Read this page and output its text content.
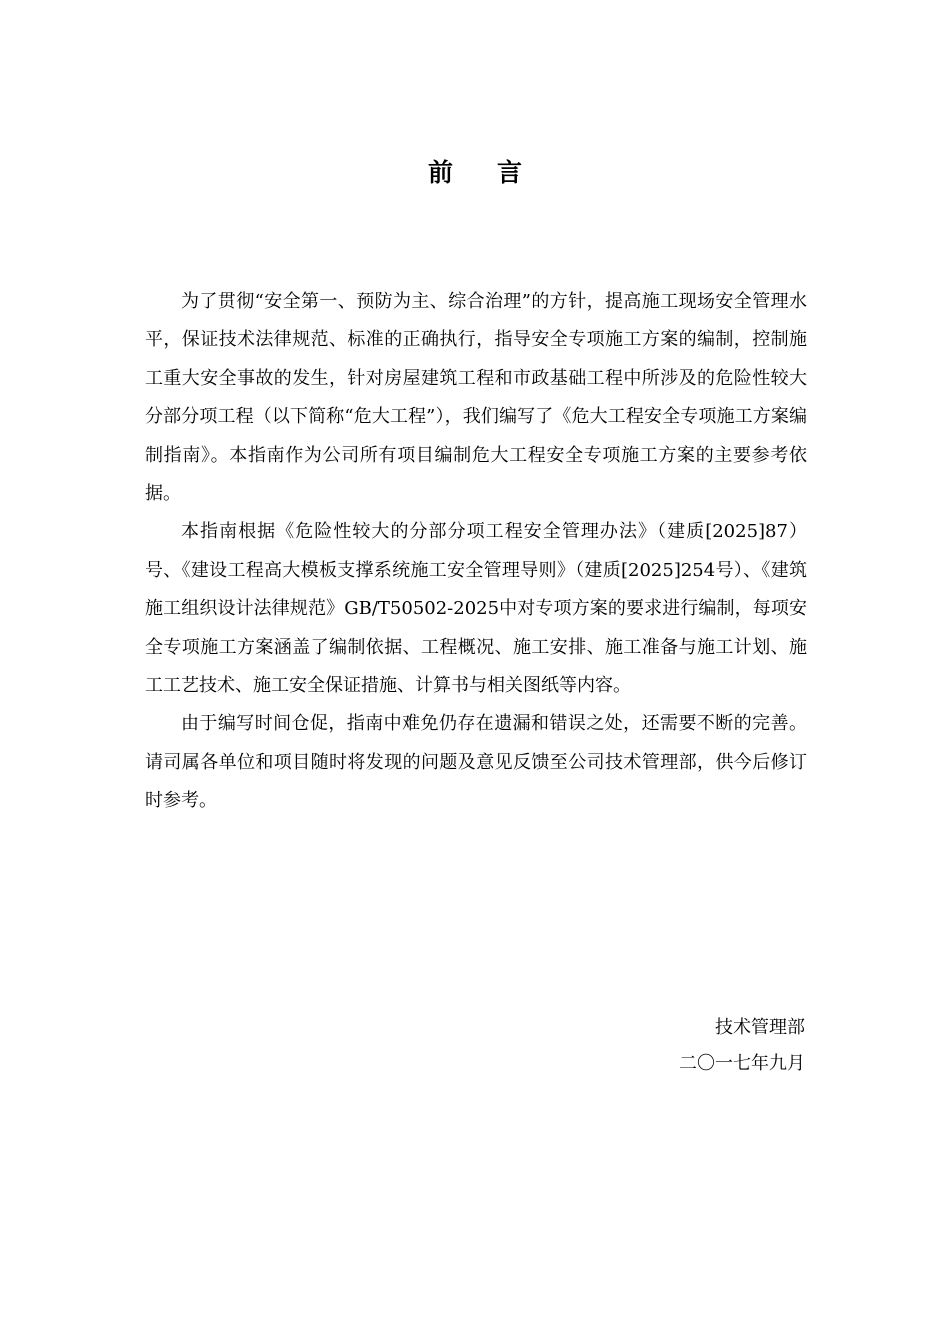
前言

为了贯彻“安全第一、预防为主、综合治理”的方针，提高施工现场安全管理水平，保证技术法律规范、标准的正确执行，指导安全专项施工方案的编制，控制施工重大安全事故的发生，针对房屋建筑工程和市政基础工程中所涉及的危险性较大分部分项工程（以下简称“危大工程”），我们编写了《危大工程安全专项施工方案编制指南》。本指南作为公司所有项目编制危大工程安全专项施工方案的主要参考依据。

本指南根据《危险性较大的分部分项工程安全管理办法》（建质[2025]87）号、《建设工程高大模板支撑系统施工安全管理导则》（建质[2025]254号）、《建筑施工组织设计法律规范》GB/T50502-2025中对专项方案的要求进行编制，每项安全专项施工方案涵盖了编制依据、工程概况、施工安排、施工准备与施工计划、施工工艺技术、施工安全保证措施、计算书与相关图纸等内容。

由于编写时间仓促，指南中难免仍存在遗漏和错误之处，还需要不断的完善。请司属各单位和项目随时将发现的问题及意见反馈至公司技术管理部，供今后修订时参考。

技术管理部
二〇一七年九月
